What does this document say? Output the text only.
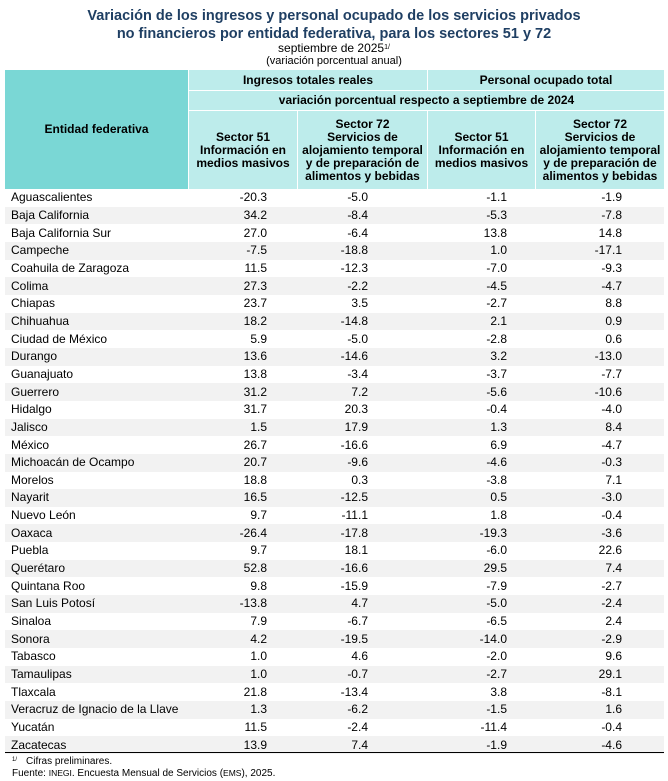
Variación de los ingresos y personal ocupado de los servicios privados
no financieros por entidad federativa, para los sectores 51 y 72
septiembre de $2025^{1/}$
(variación porcentual anual)
Entidad federativa
Ingresos totales reales	Personal ocupado total
variación porcentual respecto a septiembre de 2024
Sector 51
Información en
medios masivos
Sector 72
Servicios de
alojamiento temporal
y de preparación de
alimentos y bebidas
Sector 51
Información en
medios masivos
Sector 72
Servicios de
alojamiento temporal
y de preparación de
alimentos y bebidas
Aguascalientes	-20.3	-5.0	-1.1	-1.9
Baja California	34.2	-8.4	-5.3	-7.8
Baja California Sur	27.0	-6.4	13.8	14.8
Campeche	-7.5	-18.8	1.0	-17.1
Coahuila de Zaragoza	11.5	-12.3	-7.0	-9.3
Colima	27.3	-2.2	-4.5	-4.7
Chiapas	23.7	3.5	-2.7	8.8
Chihuahua	18.2	-14.8	2.1	0.9
Ciudad de México	5.9	-5.0	-2.8	0.6
Durango	13.6	-14.6	3.2	-13.0
Guanajuato	13.8	-3.4	-3.7	-7.7
Guerrero	31.2	7.2	-5.6	-10.6
Hidalgo	31.7	20.3	-0.4	-4.0
Jalisco	1.5	17.9	1.3	8.4
México	26.7	-16.6	6.9	-4.7
Michoacán de Ocampo	20.7	-9.6	-4.6	-0.3
Morelos	18.8	0.3	-3.8	7.1
Nayarit	16.5	-12.5	0.5	-3.0
Nuevo León	9.7	-11.1	1.8	-0.4
Oaxaca	-26.4	-17.8	-19.3	-3.6
Puebla	9.7	18.1	-6.0	22.6
Querétaro	52.8	-16.6	29.5	7.4
Quintana Roo	9.8	-15.9	-7.9	-2.7
San Luis Potosí	-13.8	4.7	-5.0	-2.4
Sinaloa	7.9	-6.7	-6.5	2.4
Sonora	4.2	-19.5	-14.0	-2.9
Tabasco	1.0	4.6	-2.0	9.6
Tamaulipas	1.0	-0.7	-2.7	29.1
Tlaxcala	21.8	-13.4	3.8	-8.1
Veracruz de Ignacio de la Llave	1.3	-6.2	-1.5	1.6
Yucatán	11.5	-2.4	-11.4	-0.4
Zacatecas	13.9	7.4	-1.9	-4.6
$^{1/}$ Cifras preliminares.
Fuente: INEGI. Encuesta Mensual de Servicios (EMS), 2025.
